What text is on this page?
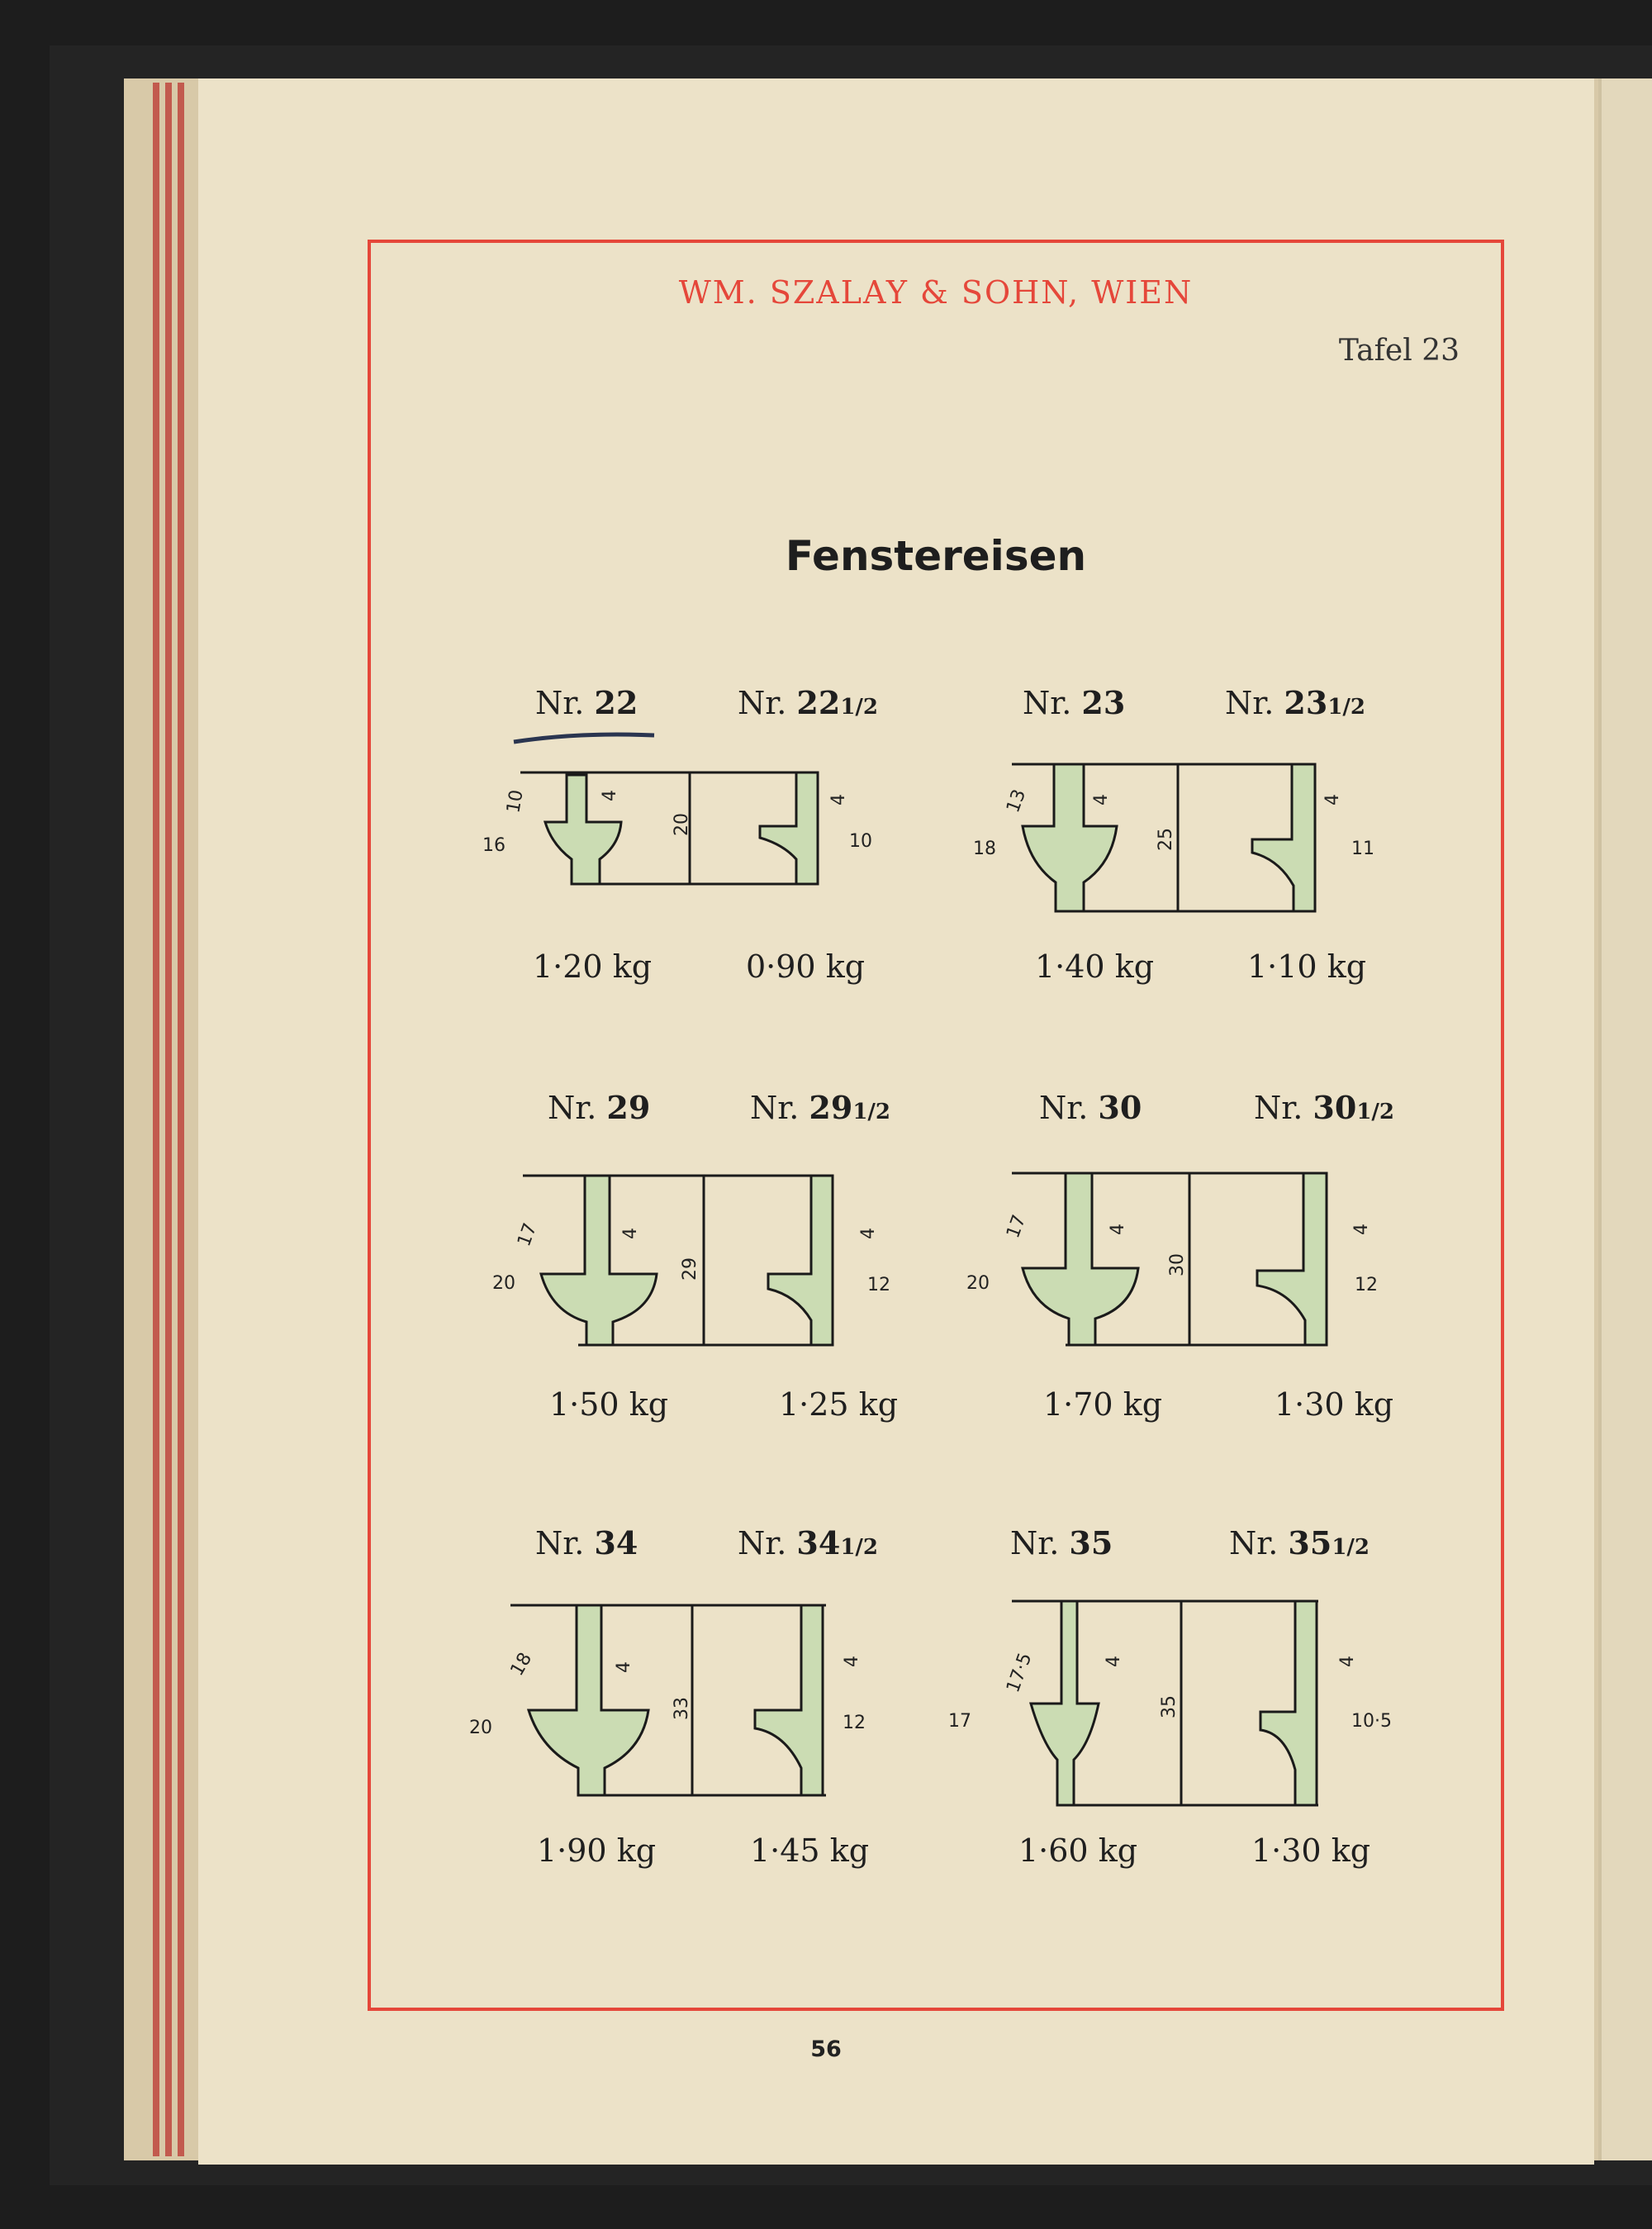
WM. SZALAY & SOHN, WIEN
Tafel 23
Fenstereisen
Nr. 22	Nr. 221/2	Nr. 23	Nr. 231/2
Nr. 29	Nr. 291/2	Nr. 30	Nr. 301/2
Nr. 34	Nr. 341/2	Nr. 35	Nr. 351/2
1·20 kg	0·90 kg	1·40 kg	1·10 kg
1·50 kg	1·25 kg	1·70 kg	1·30 kg
1·90 kg	1·45 kg	1·60 kg	1·30 kg
56
10	4
20
16
4
10
13	4
25
18
4
11
17	4
29
20
4
12
17	4
30
20
4
12
18	4
33
20
4
12
17·5	4
35
17
4
10·5
